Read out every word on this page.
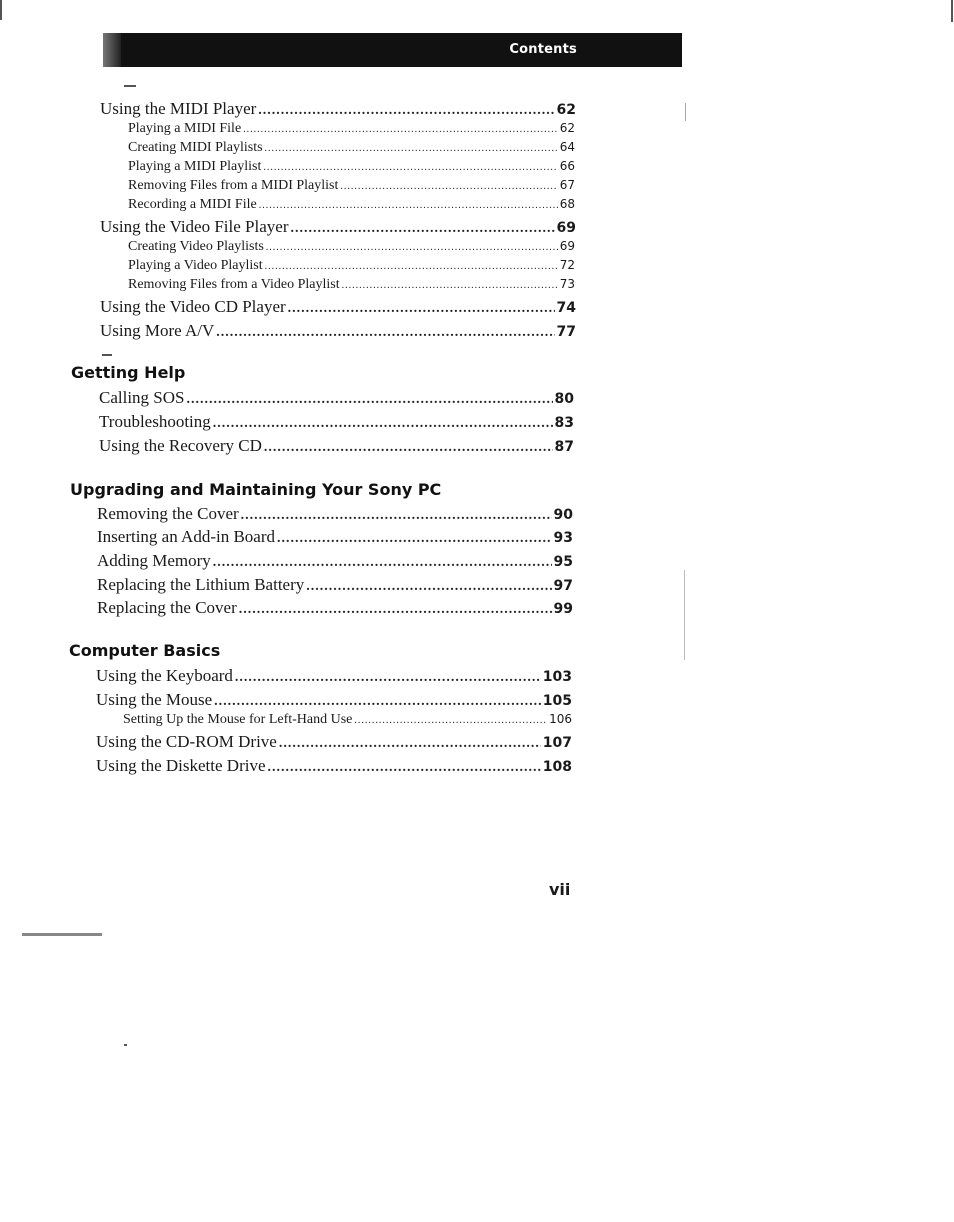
Contents
Using the MIDI Player .....	62
Playing a MIDI File .....	62
Creating MIDI Playlists .....	64
Playing a MIDI Playlist .....	66
Removing Files from a MIDI Playlist .....	67
Recording a MIDI File .....	68
Using the Video File Player .....	69
Creating Video Playlists .....	69
Playing a Video Playlist .....	72
Removing Files from a Video Playlist .....	73
Using the Video CD Player .....	74
Using More A/V .....	77
Getting Help
Calling SOS .....	80
Troubleshooting .....	83
Using the Recovery CD .....	87
Upgrading and Maintaining Your Sony PC
Removing the Cover .....	90
Inserting an Add-in Board .....	93
Adding Memory .....	95
Replacing the Lithium Battery .....	97
Replacing the Cover .....	99
Computer Basics
Using the Keyboard .....	103
Using the Mouse .....	105
Setting Up the Mouse for Left-Hand Use .....	106
Using the CD-ROM Drive .....	107
Using the Diskette Drive .....	108
vii
